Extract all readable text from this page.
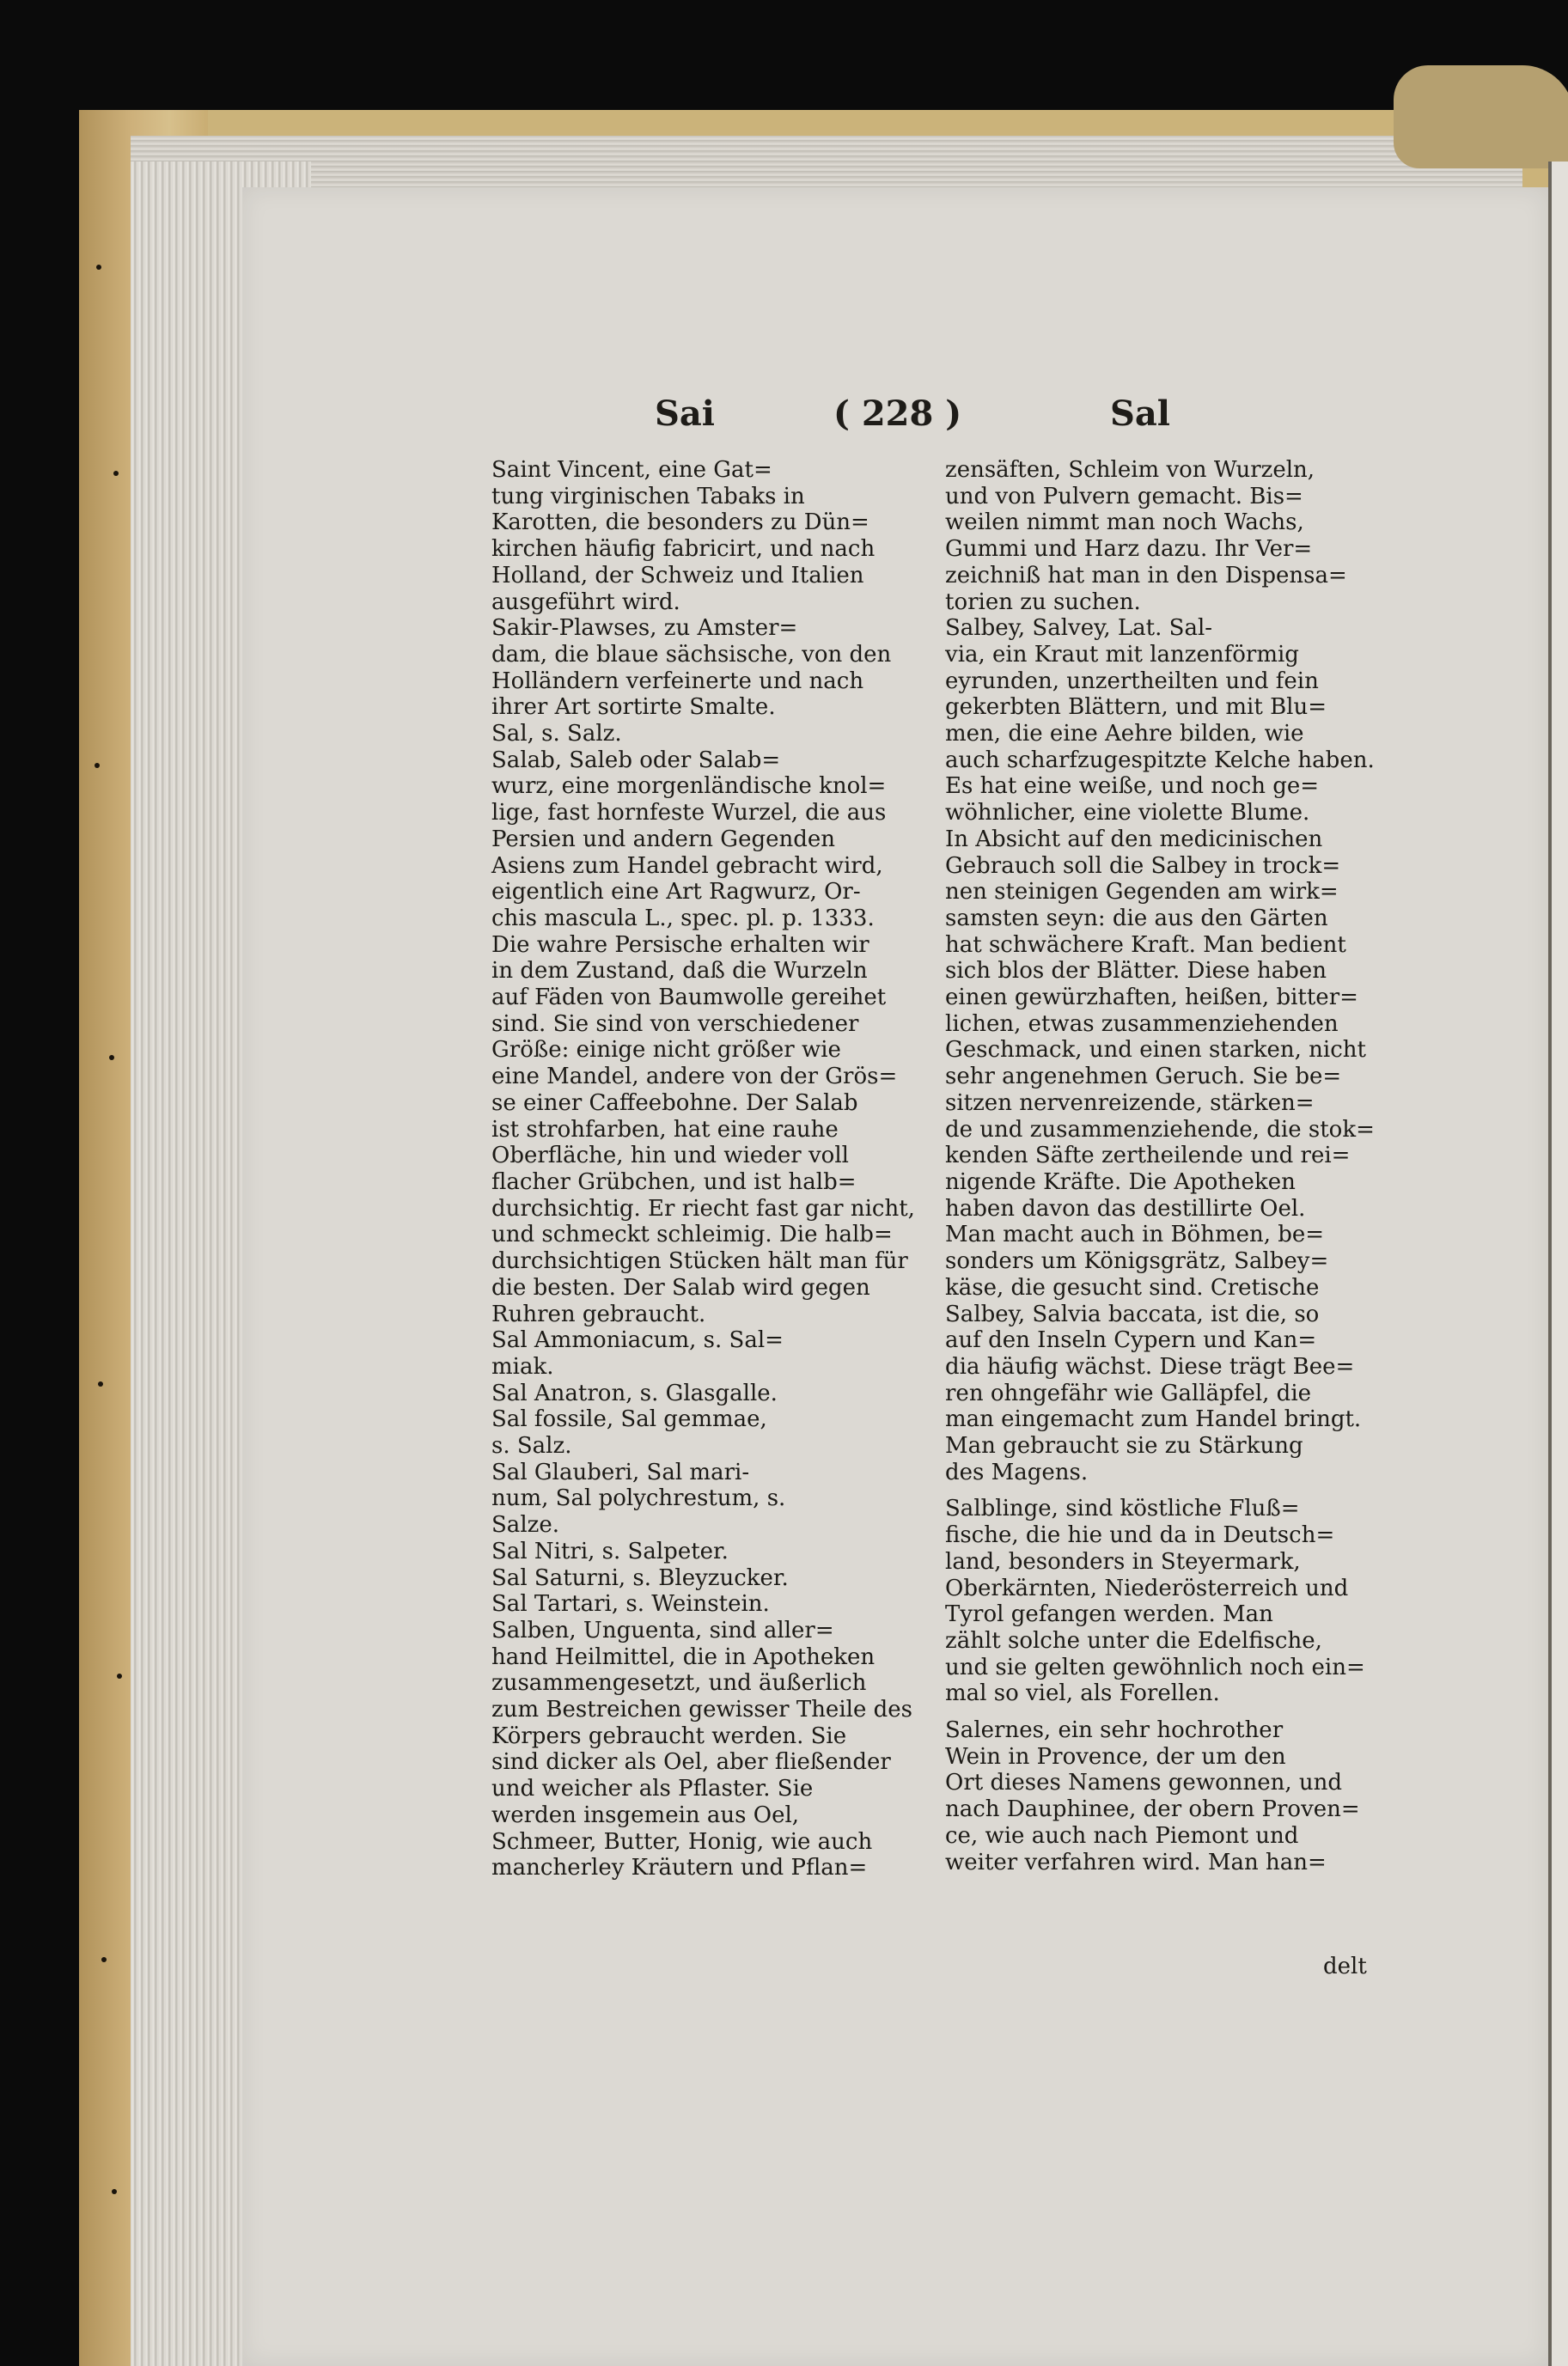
Sai	( 228 )	Sal

Saint Vincent, eine Gat=

tung virginischen Tabaks in

Karotten, die besonders zu Dün=

kirchen häufig fabricirt, und nach

Holland, der Schweiz und Italien

ausgeführt wird.

Sakir-Plawses, zu Amster=

dam, die blaue sächsische, von den

Holländern verfeinerte und nach

ihrer Art sortirte Smalte.

Sal, s. Salz.

Salab, Saleb oder Salab=

wurz, eine morgenländische knol=

lige, fast hornfeste Wurzel, die aus

Persien und andern Gegenden

Asiens zum Handel gebracht wird,

eigentlich eine Art Ragwurz, Or-

chis mascula L., spec. pl. p. 1333.

Die wahre Persische erhalten wir

in dem Zustand, daß die Wurzeln

auf Fäden von Baumwolle gereihet

sind. Sie sind von verschiedener

Größe: einige nicht größer wie

eine Mandel, andere von der Grös=

se einer Caffeebohne. Der Salab

ist strohfarben, hat eine rauhe

Oberfläche, hin und wieder voll

flacher Grübchen, und ist halb=

durchsichtig. Er riecht fast gar nicht,

und schmeckt schleimig. Die halb=

durchsichtigen Stücken hält man für

die besten. Der Salab wird gegen

Ruhren gebraucht.

Sal Ammoniacum, s. Sal=

miak.

Sal Anatron, s. Glasgalle.

Sal fossile, Sal gemmae,

s. Salz.

Sal Glauberi, Sal mari-

num, Sal polychrestum, s.

Salze.

Sal Nitri, s. Salpeter.

Sal Saturni, s. Bleyzucker.

Sal Tartari, s. Weinstein.

Salben, Unguenta, sind aller=

hand Heilmittel, die in Apotheken

zusammengesetzt, und äußerlich

zum Bestreichen gewisser Theile des

Körpers gebraucht werden. Sie

sind dicker als Oel, aber fließender

und weicher als Pflaster. Sie

werden insgemein aus Oel,

Schmeer, Butter, Honig, wie auch

mancherley Kräutern und Pflan=

zensäften, Schleim von Wurzeln,

und von Pulvern gemacht. Bis=

weilen nimmt man noch Wachs,

Gummi und Harz dazu. Ihr Ver=

zeichniß hat man in den Dispensa=

torien zu suchen.

Salbey, Salvey, Lat. Sal-

via, ein Kraut mit lanzenförmig

eyrunden, unzertheilten und fein

gekerbten Blättern, und mit Blu=

men, die eine Aehre bilden, wie

auch scharfzugespitzte Kelche haben.

Es hat eine weiße, und noch ge=

wöhnlicher, eine violette Blume.

In Absicht auf den medicinischen

Gebrauch soll die Salbey in trock=

nen steinigen Gegenden am wirk=

samsten seyn: die aus den Gärten

hat schwächere Kraft. Man bedient

sich blos der Blätter. Diese haben

einen gewürzhaften, heißen, bitter=

lichen, etwas zusammenziehenden

Geschmack, und einen starken, nicht

sehr angenehmen Geruch. Sie be=

sitzen nervenreizende, stärken=

de und zusammenziehende, die stok=

kenden Säfte zertheilende und rei=

nigende Kräfte. Die Apotheken

haben davon das destillirte Oel.

Man macht auch in Böhmen, be=

sonders um Königsgrätz, Salbey=

käse, die gesucht sind. Cretische

Salbey, Salvia baccata, ist die, so

auf den Inseln Cypern und Kan=

dia häufig wächst. Diese trägt Bee=

ren ohngefähr wie Galläpfel, die

man eingemacht zum Handel bringt.

Man gebraucht sie zu Stärkung

des Magens.

Salblinge, sind köstliche Fluß=

fische, die hie und da in Deutsch=

land, besonders in Steyermark,

Oberkärnten, Niederösterreich und

Tyrol gefangen werden. Man

zählt solche unter die Edelfische,

und sie gelten gewöhnlich noch ein=

mal so viel, als Forellen.

Salernes, ein sehr hochrother

Wein in Provence, der um den

Ort dieses Namens gewonnen, und

nach Dauphinee, der obern Proven=

ce, wie auch nach Piemont und

weiter verfahren wird. Man han=

delt
